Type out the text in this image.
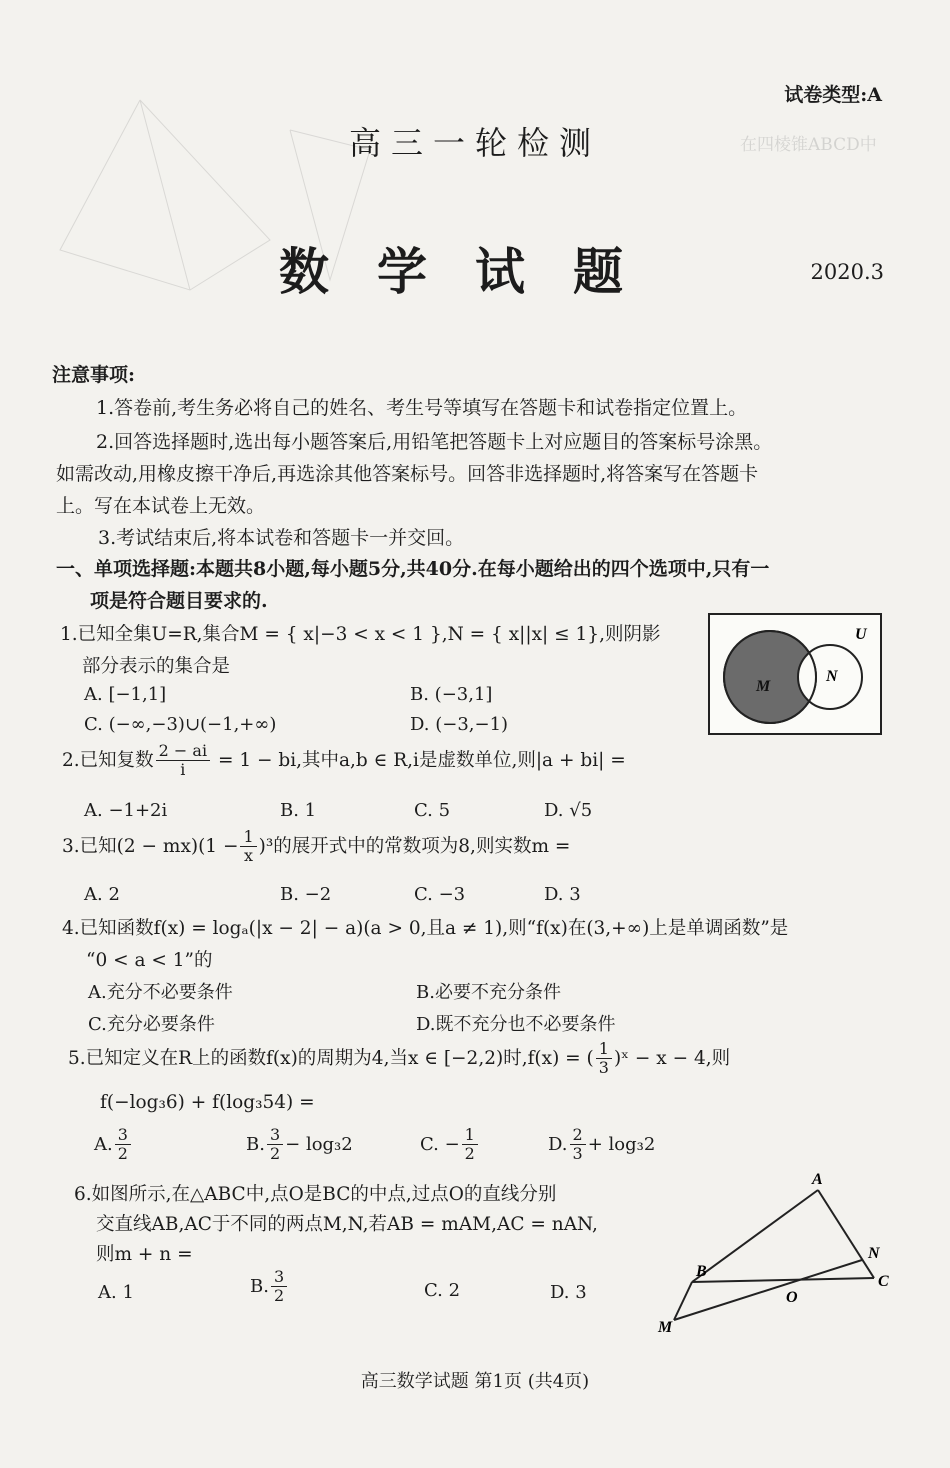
在四棱锥ABCD中
试卷类型:A
高三一轮检测
数学试题	2020.3
注意事项:
1.答卷前,考生务必将自己的姓名、考生号等填写在答题卡和试卷指定位置上。
2.回答选择题时,选出每小题答案后,用铅笔把答题卡上对应题目的答案标号涂黑。
如需改动,用橡皮擦干净后,再选涂其他答案标号。回答非选择题时,将答案写在答题卡
上。写在本试卷上无效。
3.考试结束后,将本试卷和答题卡一并交回。
一、单项选择题:本题共8小题,每小题5分,共40分.在每小题给出的四个选项中,只有一
项是符合题目要求的.
1.已知全集U=R,集合M = { x|−3 < x < 1 },N = { x||x| ≤ 1},则阴影
部分表示的集合是
A. [−1,1]	B. (−3,1]
C. (−∞,−3)∪(−1,+∞)	D. (−3,−1)
U
M
N
2.已知复数 $\frac{2 - ai}{i} = 1$ − bi,其中a,b ∈ R,i是虚数单位,则|a + bi| =
A. −1+2i	B. 1	C. 5	D. √5
3.已知$(2 - mx)(1 - \frac{1}{x} )^3$的展开式中的常数项为8,则实数m =
A. 2	B. −2	C. −3	D. 3
4.已知函数f(x) = logₐ(|x − 2| − a)(a > 0,且a ≠ 1),则“f(x)在(3,+∞)上是单调函数”是
“0 < a < 1”的
A.充分不必要条件	B.必要不充分条件
C.充分必要条件	D.既不充分也不必要条件
5.已知定义在R上的函数f(x)的周期为4,当x ∈ [−2,2)时,f(x) = ( $\frac{1}{3}$ )ˣ − x − 4,则
f(−log₃6) + f(log₃54) =
A. $\frac{3}{2}$	B. $\frac{3}{2} - \log_32$	C. − $\frac{1}{2}$	D. $\frac{2}{3} + \log_32$
6.如图所示,在△ABC中,点O是BC的中点,过点O的直线分别
交直线AB,AC于不同的两点M,N,若AB = mAM,AC = nAN,
则m + n =
A. 1	B. $\frac{3}{2}$	C. 2	D. 3
A
B
C
N
O
M
高三数学试题 第1页 (共4页)
